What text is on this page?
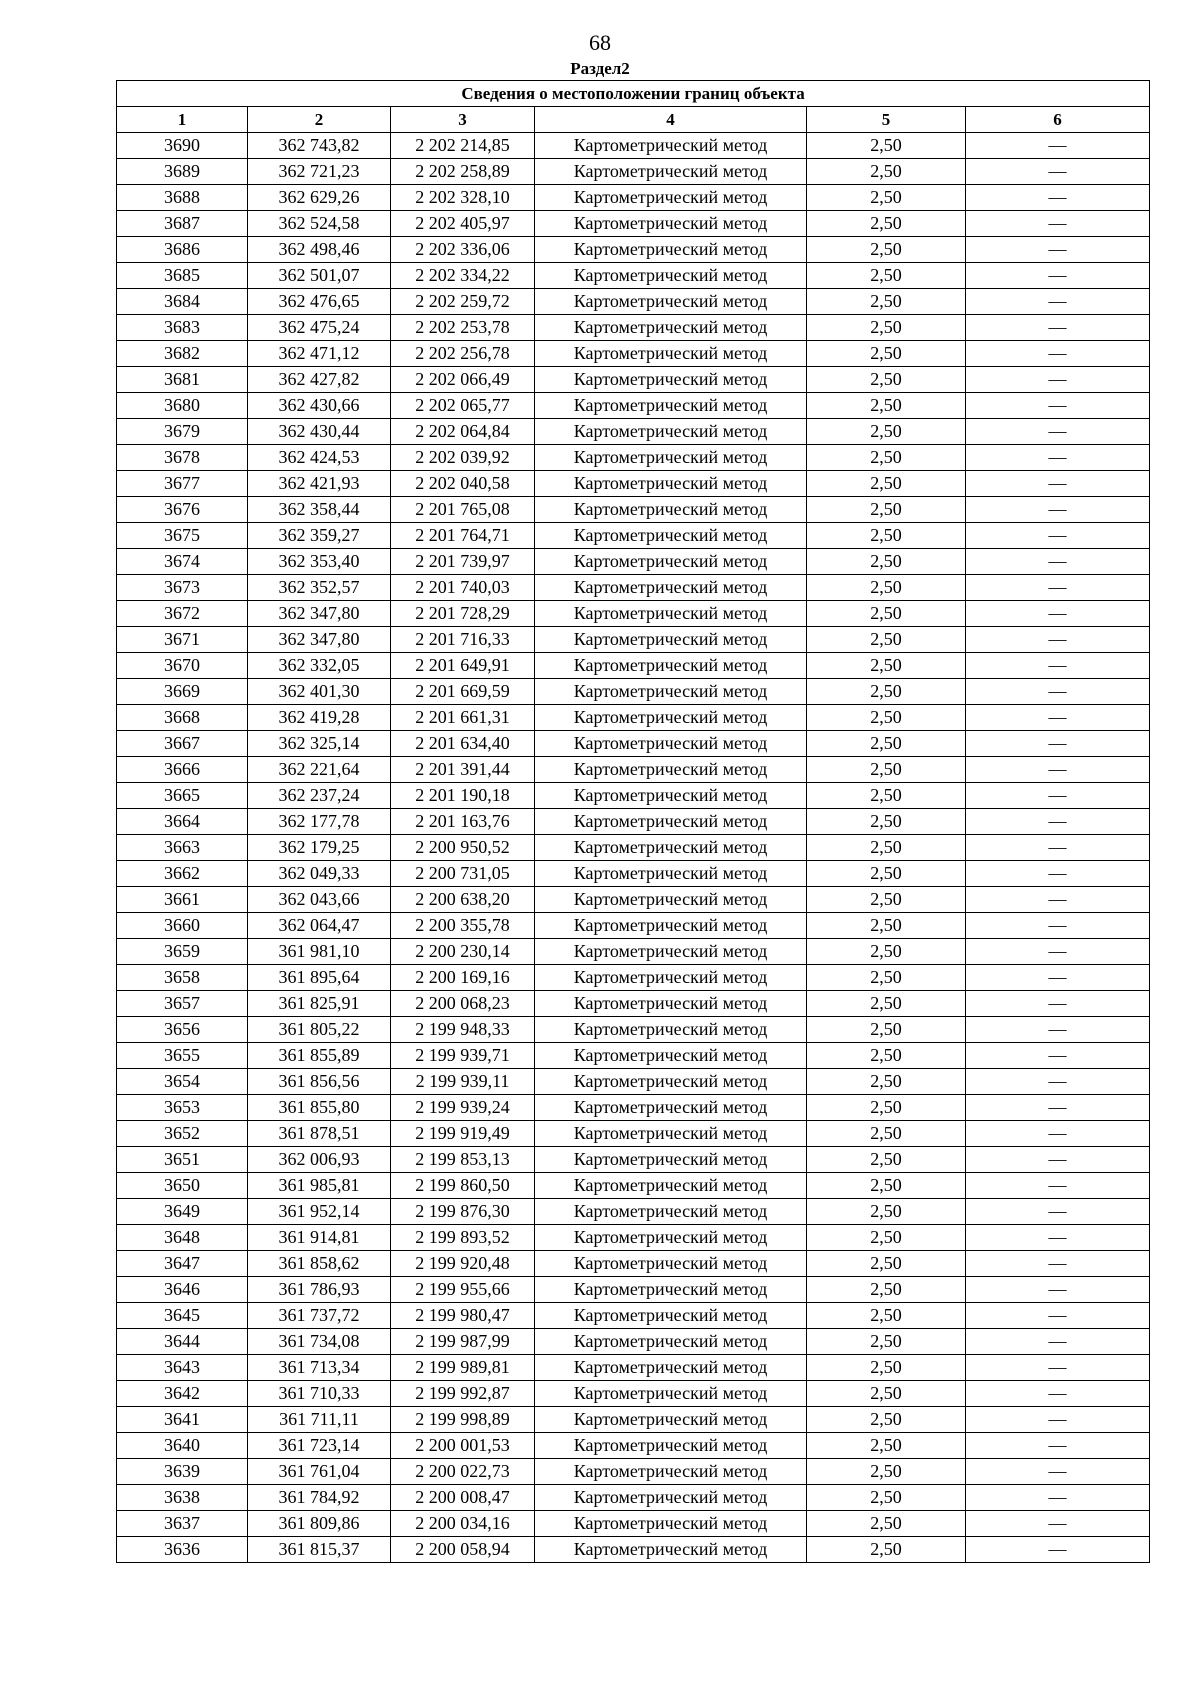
68
Раздел2
Сведения о местоположении границ объекта					
1	2	3	4	5	6
3690	362 743,82	2 202 214,85	Картометрический метод	2,50	—
3689	362 721,23	2 202 258,89	Картометрический метод	2,50	—
3688	362 629,26	2 202 328,10	Картометрический метод	2,50	—
3687	362 524,58	2 202 405,97	Картометрический метод	2,50	—
3686	362 498,46	2 202 336,06	Картометрический метод	2,50	—
3685	362 501,07	2 202 334,22	Картометрический метод	2,50	—
3684	362 476,65	2 202 259,72	Картометрический метод	2,50	—
3683	362 475,24	2 202 253,78	Картометрический метод	2,50	—
3682	362 471,12	2 202 256,78	Картометрический метод	2,50	—
3681	362 427,82	2 202 066,49	Картометрический метод	2,50	—
3680	362 430,66	2 202 065,77	Картометрический метод	2,50	—
3679	362 430,44	2 202 064,84	Картометрический метод	2,50	—
3678	362 424,53	2 202 039,92	Картометрический метод	2,50	—
3677	362 421,93	2 202 040,58	Картометрический метод	2,50	—
3676	362 358,44	2 201 765,08	Картометрический метод	2,50	—
3675	362 359,27	2 201 764,71	Картометрический метод	2,50	—
3674	362 353,40	2 201 739,97	Картометрический метод	2,50	—
3673	362 352,57	2 201 740,03	Картометрический метод	2,50	—
3672	362 347,80	2 201 728,29	Картометрический метод	2,50	—
3671	362 347,80	2 201 716,33	Картометрический метод	2,50	—
3670	362 332,05	2 201 649,91	Картометрический метод	2,50	—
3669	362 401,30	2 201 669,59	Картометрический метод	2,50	—
3668	362 419,28	2 201 661,31	Картометрический метод	2,50	—
3667	362 325,14	2 201 634,40	Картометрический метод	2,50	—
3666	362 221,64	2 201 391,44	Картометрический метод	2,50	—
3665	362 237,24	2 201 190,18	Картометрический метод	2,50	—
3664	362 177,78	2 201 163,76	Картометрический метод	2,50	—
3663	362 179,25	2 200 950,52	Картометрический метод	2,50	—
3662	362 049,33	2 200 731,05	Картометрический метод	2,50	—
3661	362 043,66	2 200 638,20	Картометрический метод	2,50	—
3660	362 064,47	2 200 355,78	Картометрический метод	2,50	—
3659	361 981,10	2 200 230,14	Картометрический метод	2,50	—
3658	361 895,64	2 200 169,16	Картометрический метод	2,50	—
3657	361 825,91	2 200 068,23	Картометрический метод	2,50	—
3656	361 805,22	2 199 948,33	Картометрический метод	2,50	—
3655	361 855,89	2 199 939,71	Картометрический метод	2,50	—
3654	361 856,56	2 199 939,11	Картометрический метод	2,50	—
3653	361 855,80	2 199 939,24	Картометрический метод	2,50	—
3652	361 878,51	2 199 919,49	Картометрический метод	2,50	—
3651	362 006,93	2 199 853,13	Картометрический метод	2,50	—
3650	361 985,81	2 199 860,50	Картометрический метод	2,50	—
3649	361 952,14	2 199 876,30	Картометрический метод	2,50	—
3648	361 914,81	2 199 893,52	Картометрический метод	2,50	—
3647	361 858,62	2 199 920,48	Картометрический метод	2,50	—
3646	361 786,93	2 199 955,66	Картометрический метод	2,50	—
3645	361 737,72	2 199 980,47	Картометрический метод	2,50	—
3644	361 734,08	2 199 987,99	Картометрический метод	2,50	—
3643	361 713,34	2 199 989,81	Картометрический метод	2,50	—
3642	361 710,33	2 199 992,87	Картометрический метод	2,50	—
3641	361 711,11	2 199 998,89	Картометрический метод	2,50	—
3640	361 723,14	2 200 001,53	Картометрический метод	2,50	—
3639	361 761,04	2 200 022,73	Картометрический метод	2,50	—
3638	361 784,92	2 200 008,47	Картометрический метод	2,50	—
3637	361 809,86	2 200 034,16	Картометрический метод	2,50	—
3636	361 815,37	2 200 058,94	Картометрический метод	2,50	—
